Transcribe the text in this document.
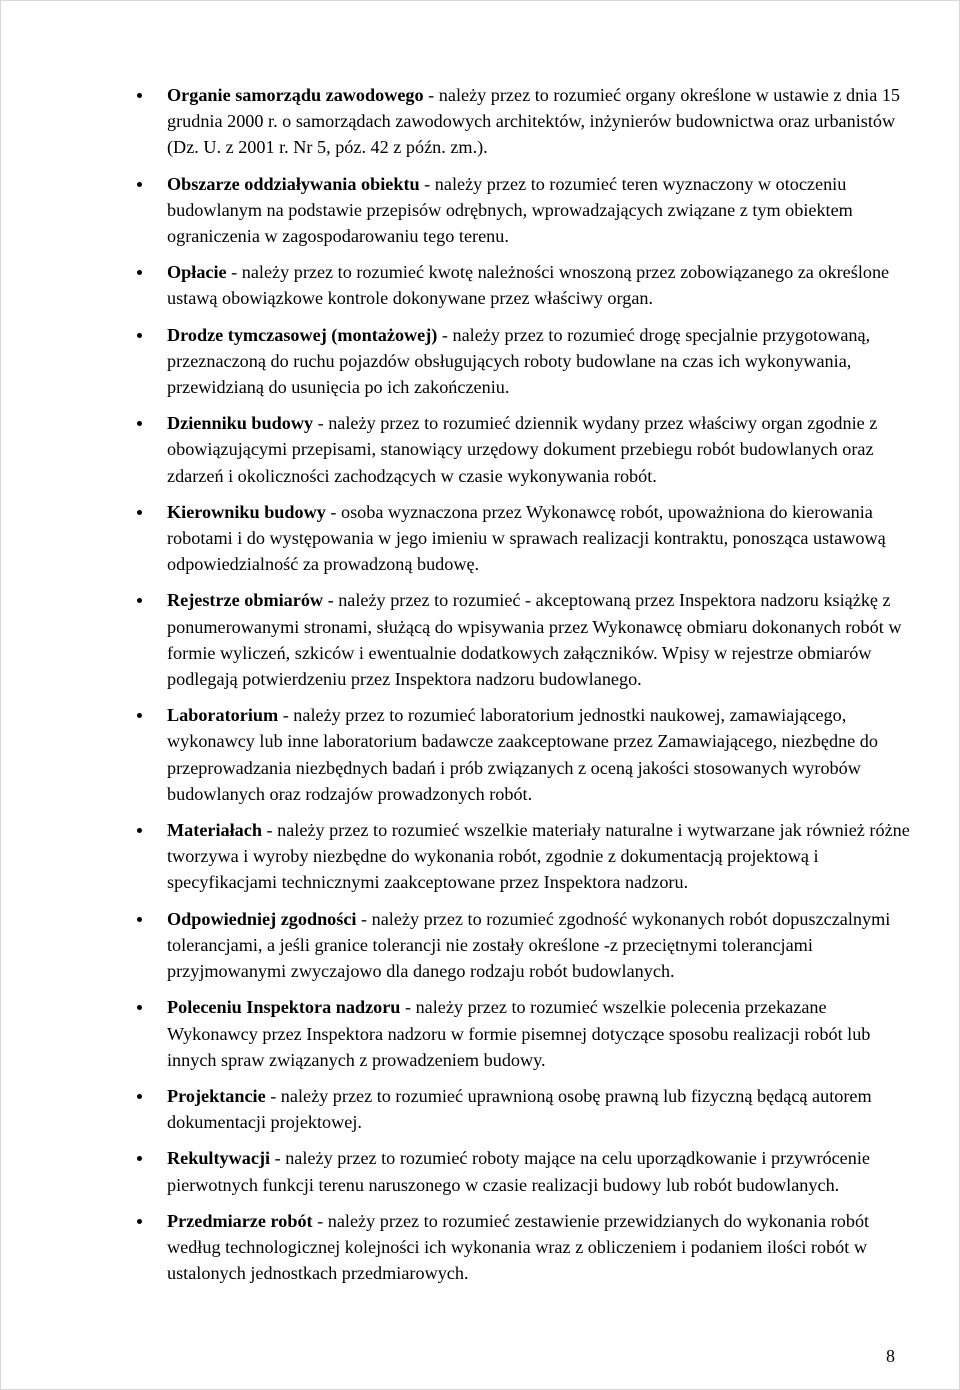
Organie samorządu zawodowego - należy przez to rozumieć organy określone w ustawie z dnia 15 grudnia 2000 r. o samorządach zawodowych architektów, inżynierów budownictwa oraz urbanistów (Dz. U. z 2001 r. Nr 5, póz. 42 z późn. zm.).
Obszarze oddziaływania obiektu - należy przez to rozumieć teren wyznaczony w otoczeniu budowlanym na podstawie przepisów odrębnych, wprowadzających związane z tym obiektem ograniczenia w zagospodarowaniu tego terenu.
Opłacie - należy przez to rozumieć kwotę należności wnoszoną przez zobowiązanego za określone ustawą obowiązkowe kontrole dokonywane przez właściwy organ.
Drodze tymczasowej (montażowej) - należy przez to rozumieć drogę specjalnie przygotowaną, przeznaczoną do ruchu pojazdów obsługujących roboty budowlane na czas ich wykonywania, przewidzianą do usunięcia po ich zakończeniu.
Dzienniku budowy - należy przez to rozumieć dziennik wydany przez właściwy organ zgodnie z obowiązującymi przepisami, stanowiący urzędowy dokument przebiegu robót budowlanych oraz zdarzeń i okoliczności zachodzących w czasie wykonywania robót.
Kierowniku budowy - osoba wyznaczona przez Wykonawcę robót, upoważniona do kierowania robotami i do występowania w jego imieniu w sprawach realizacji kontraktu, ponosząca ustawową odpowiedzialność za prowadzoną budowę.
Rejestrze obmiarów - należy przez to rozumieć - akceptowaną przez Inspektora nadzoru książkę z ponumerowanymi stronami, służącą do wpisywania przez Wykonawcę obmiaru dokonanych robót w formie wyliczeń, szkiców i ewentualnie dodatkowych załączników. Wpisy w rejestrze obmiarów podlegają potwierdzeniu przez Inspektora nadzoru budowlanego.
Laboratorium - należy przez to rozumieć laboratorium jednostki naukowej, zamawiającego, wykonawcy lub inne laboratorium badawcze zaakceptowane przez Zamawiającego, niezbędne do przeprowadzania niezbędnych badań i prób związanych z oceną jakości stosowanych wyrobów budowlanych oraz rodzajów prowadzonych robót.
Materiałach - należy przez to rozumieć wszelkie materiały naturalne i wytwarzane jak również różne tworzywa i wyroby niezbędne do wykonania robót, zgodnie z dokumentacją projektową i specyfikacjami technicznymi zaakceptowane przez Inspektora nadzoru.
Odpowiedniej zgodności - należy przez to rozumieć zgodność wykonanych robót dopuszczalnymi tolerancjami, a jeśli granice tolerancji nie zostały określone -z przeciętnymi tolerancjami przyjmowanymi zwyczajowo dla danego rodzaju robót budowlanych.
Poleceniu Inspektora nadzoru - należy przez to rozumieć wszelkie polecenia przekazane Wykonawcy przez Inspektora nadzoru w formie pisemnej dotyczące sposobu realizacji robót lub innych spraw związanych z prowadzeniem budowy.
Projektancie - należy przez to rozumieć uprawnioną osobę prawną lub fizyczną będącą autorem dokumentacji projektowej.
Rekultywacji - należy przez to rozumieć roboty mające na celu uporządkowanie i przywrócenie pierwotnych funkcji terenu naruszonego w czasie realizacji budowy lub robót budowlanych.
Przedmiarze robót - należy przez to rozumieć zestawienie przewidzianych do wykonania robót według technologicznej kolejności ich wykonania wraz z obliczeniem i podaniem ilości robót w ustalonych jednostkach przedmiarowych.
8
